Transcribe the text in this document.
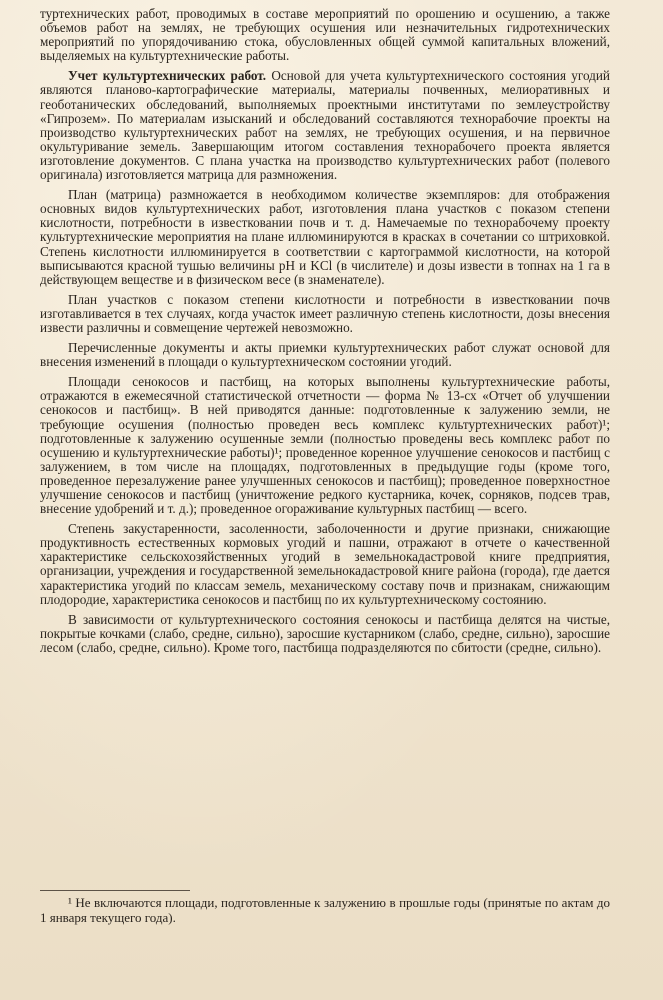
туртехнических работ, проводимых в составе мероприятий по орошению и осушению, а также объемов работ на землях, не требующих осушения или незначительных гидротехнических мероприятий по упорядочиванию стока, обусловленных общей суммой капитальных вложений, выделяемых на культуртехнические работы.

Учет культуртехнических работ. Основой для учета культуртехнического состояния угодий являются планово-картографические материалы, материалы почвенных, мелиоративных и геоботанических обследований, выполняемых проектными институтами по землеустройству «Гипрозем». По материалам изысканий и обследований составляются технорабочие проекты на производство культуртехнических работ на землях, не требующих осушения, и на первичное окультуривание земель. Завершающим итогом составления технорабочего проекта является изготовление документов. С плана участка на производство культуртехнических работ (полевого оригинала) изготовляется матрица для размножения.

План (матрица) размножается в необходимом количестве экземпляров: для отображения основных видов культуртехнических работ, изготовления плана участков с показом степени кислотности, потребности в известковании почв и т. д. Намечаемые по технорабочему проекту культуртехнические мероприятия на плане иллюминируются в красках в сочетании со штриховкой. Степень кислотности иллюминируется в соответствии с картограммой кислотности, на которой выписываются красной тушью величины pH и KCl (в числителе) и дозы извести в топнах на 1 га в действующем веществе и в физическом весе (в знаменателе).

План участков с показом степени кислотности и потребности в известковании почв изготавливается в тех случаях, когда участок имеет различную степень кислотности, дозы внесения извести различны и совмещение чертежей невозможно.

Перечисленные документы и акты приемки культуртехнических работ служат основой для внесения изменений в площади о культуртехническом состоянии угодий.

Площади сенокосов и пастбищ, на которых выполнены культуртехнические работы, отражаются в ежемесячной статистической отчетности — форма № 13-сх «Отчет об улучшении сенокосов и пастбищ». В ней приводятся данные: подготовленные к залужению земли, не требующие осушения (полностью проведен весь комплекс культуртехнических работ)¹; подготовленные к залужению осушенные земли (полностью проведены весь комплекс работ по осушению и культуртехнические работы)¹; проведенное коренное улучшение сенокосов и пастбищ с залужением, в том числе на площадях, подготовленных в предыдущие годы (кроме того, проведенное перезалужение ранее улучшенных сенокосов и пастбищ); проведенное поверхностное улучшение сенокосов и пастбищ (уничтожение редкого кустарника, кочек, сорняков, подсев трав, внесение удобрений и т. д.); проведенное огораживание культурных пастбищ — всего.

Степень закустаренности, засоленности, заболоченности и другие признаки, снижающие продуктивность естественных кормовых угодий и пашни, отражают в отчете о качественной характеристике сельскохозяйственных угодий в земельнокадастровой книге предприятия, организации, учреждения и государственной земельнокадастровой книге района (города), где дается характеристика угодий по классам земель, механическому составу почв и признакам, снижающим плодородие, характеристика сенокосов и пастбищ по их культуртехническому состоянию.

В зависимости от культуртехнического состояния сенокосы и пастбища делятся на чистые, покрытые кочками (слабо, средне, сильно), заросшие кустарником (слабо, средне, сильно), заросшие лесом (слабо, средне, сильно). Кроме того, пастбища подразделяются по сбитости (средне, сильно).

¹ Не включаются площади, подготовленные к залужению в прошлые годы (принятые по актам до 1 января текущего года).
